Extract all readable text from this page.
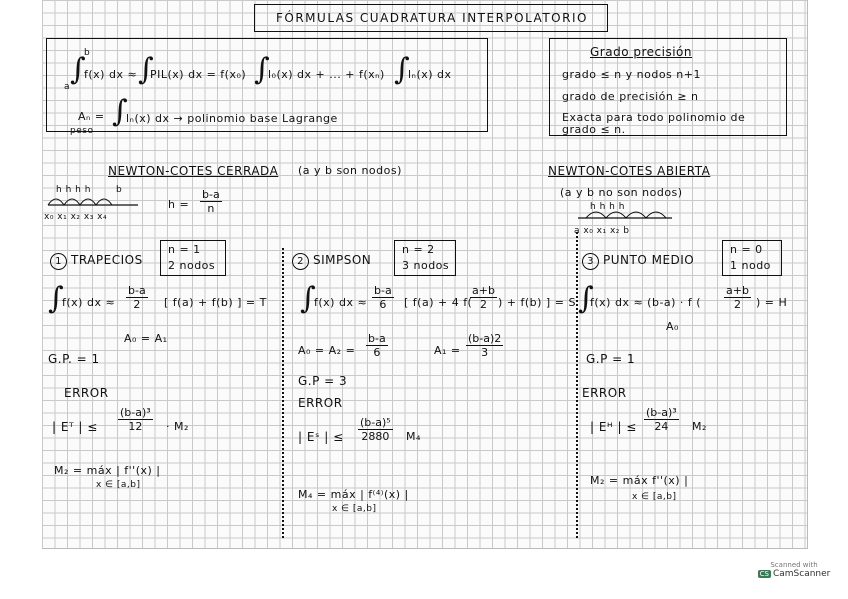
FÓRMULAS CUADRATURA INTERPOLATORIO
∫
b
a
f(x) dx ≈ ∫
PIL(x) dx = f(x₀) ∫
l₀(x) dx + ... + f(xₙ) ∫
lₙ(x) dx
Aₙ =
peso
∫
lₙ(x) dx → polinomio base Lagrange
Grado precisión
grado ≤ n y nodos n+1
grado de precisión ≥ n
Exacta para todo polinomio de
grado ≤ n.
NEWTON-COTES CERRADA (a y b son nodos)
h h h h	b
x₀ x₁ x₂ x₃ x₄
$h = \frac{b-a}{n}$
NEWTON-COTES ABIERTA
(a y b no son nodos)
h h h h
a x₀ x₁ x₂ b
1 TRAPECIOS
n = 1
2 nodos
∫
f(x) dx ≈ $\frac{b-a}{2}$ [ f(a) + f(b) ] = T
A₀ = A₁
G.P. = 1
ERROR
| Eᵀ | ≤ $\frac{\text{(b-a)³}}{12} \cdot M_2$
M₂ = máx | f''(x) |
x ∈ [a,b]
2 SIMPSON
n = 2
3 nodos
∫
f(x) dx ≈ $\frac{b-a}{6}$ [ f(a) + 4 f(
$\frac{a+b}{2}$ ) + f(b) ] = S
$A_0 = A_2 = \frac{b-a}{6}$	$A_1 = \frac{(b-a)2}{3}$
G.P = 3
ERROR
| Eˢ | ≤ $\frac{\text{(b-a)⁵}}{2880} M_4$
M₄ = máx | f⁽⁴⁾(x) |
x ∈ [a,b]
3 PUNTO MEDIO
n = 0
1 nodo
∫
f(x) dx ≈ (b-a) · f ( $\frac{a+b}{2}$ ) = H
A₀
G.P = 1
ERROR
| Eᴴ | ≤ $\frac{\text{(b-a)³}}{24} M_2$
M₂ = máx f''(x) |
x ∈ [a,b]
Scanned with
CS CamScanner
